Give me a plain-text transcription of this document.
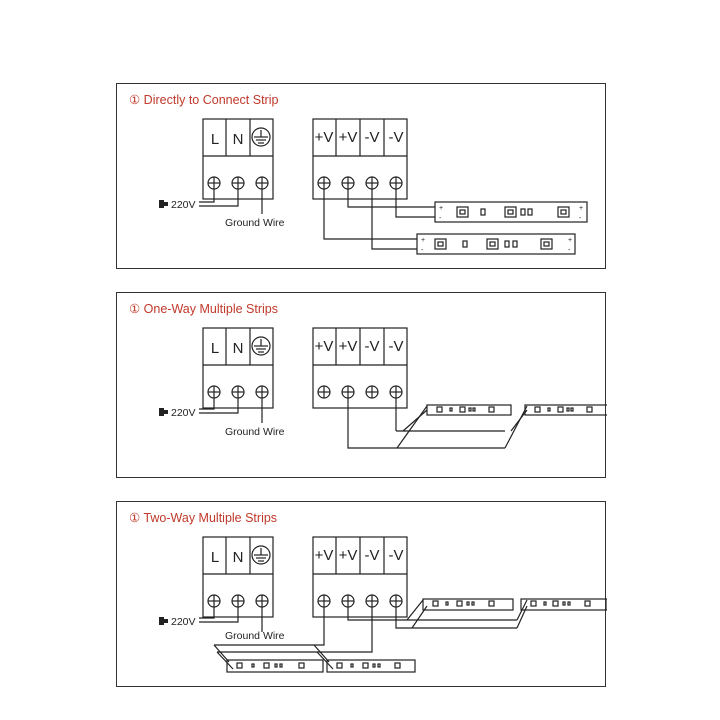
① Directly to Connect Strip
L N	+V +V -V -V
220V
Ground Wire
+
-
+
-
+
-
+
-
① One-Way Multiple Strips
L N	+V +V -V -V
220V
Ground Wire
① Two-Way Multiple Strips
L N	+V +V -V -V
220V
Ground Wire
